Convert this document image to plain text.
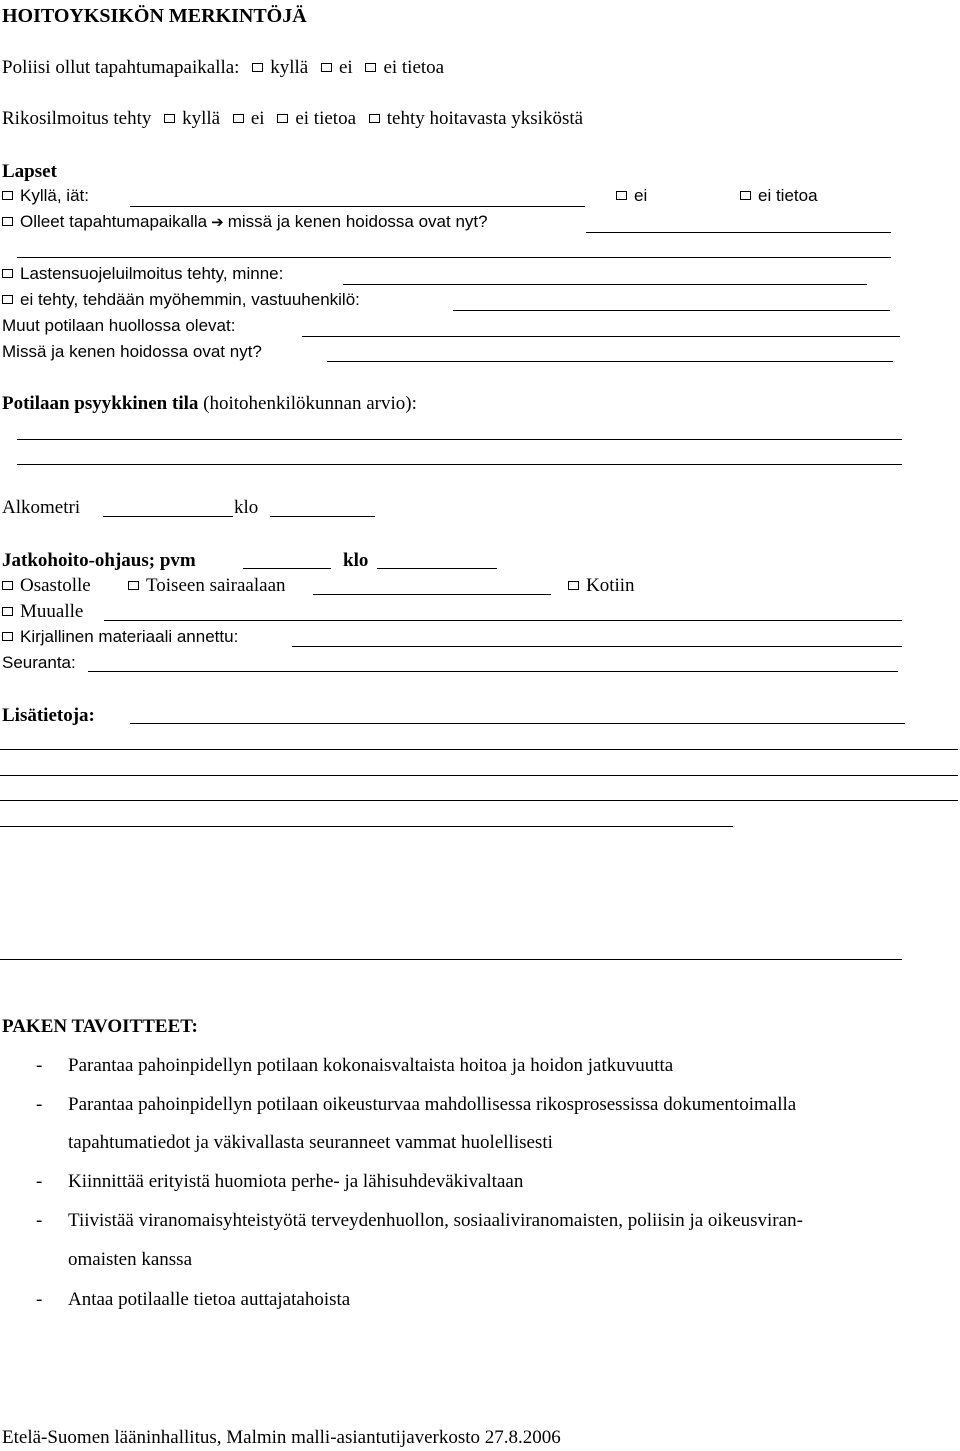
HOITOYKSIKÖN MERKINTÖJÄ
Poliisi ollut tapahtumapaikalla: kyllä ei ei tietoa
Rikosilmoitus tehty kyllä ei ei tietoa tehty hoitavasta yksiköstä
Lapset
Kyllä, iät:	ei	ei tietoa
Olleet tapahtumapaikalla ➔ missä ja kenen hoidossa ovat nyt?
Lastensuojeluilmoitus tehty, minne:
ei tehty, tehdään myöhemmin, vastuuhenkilö:
Muut potilaan huollossa olevat:
Missä ja kenen hoidossa ovat nyt?
Potilaan psyykkinen tila (hoitohenkilökunnan arvio):
Alkometri	klo
Jatkohoito-ohjaus; pvm	klo
Osastolle	Toiseen sairaalaan	Kotiin
Muualle
Kirjallinen materiaali annettu:
Seuranta:
Lisätietoja:
PAKEN TAVOITTEET:
- Parantaa pahoinpidellyn potilaan kokonaisvaltaista hoitoa ja hoidon jatkuvuutta
- Parantaa pahoinpidellyn potilaan oikeusturvaa mahdollisessa rikosprosessissa dokumentoimalla
tapahtumatiedot ja väkivallasta seuranneet vammat huolellisesti
- Kiinnittää erityistä huomiota perhe- ja lähisuhdeväkivaltaan
- Tiivistää viranomaisyhteistyötä terveydenhuollon, sosiaaliviranomaisten, poliisin ja oikeusviran-
omaisten kanssa
- Antaa potilaalle tietoa auttajatahoista
Etelä-Suomen lääninhallitus, Malmin malli-asiantutijaverkosto 27.8.2006
